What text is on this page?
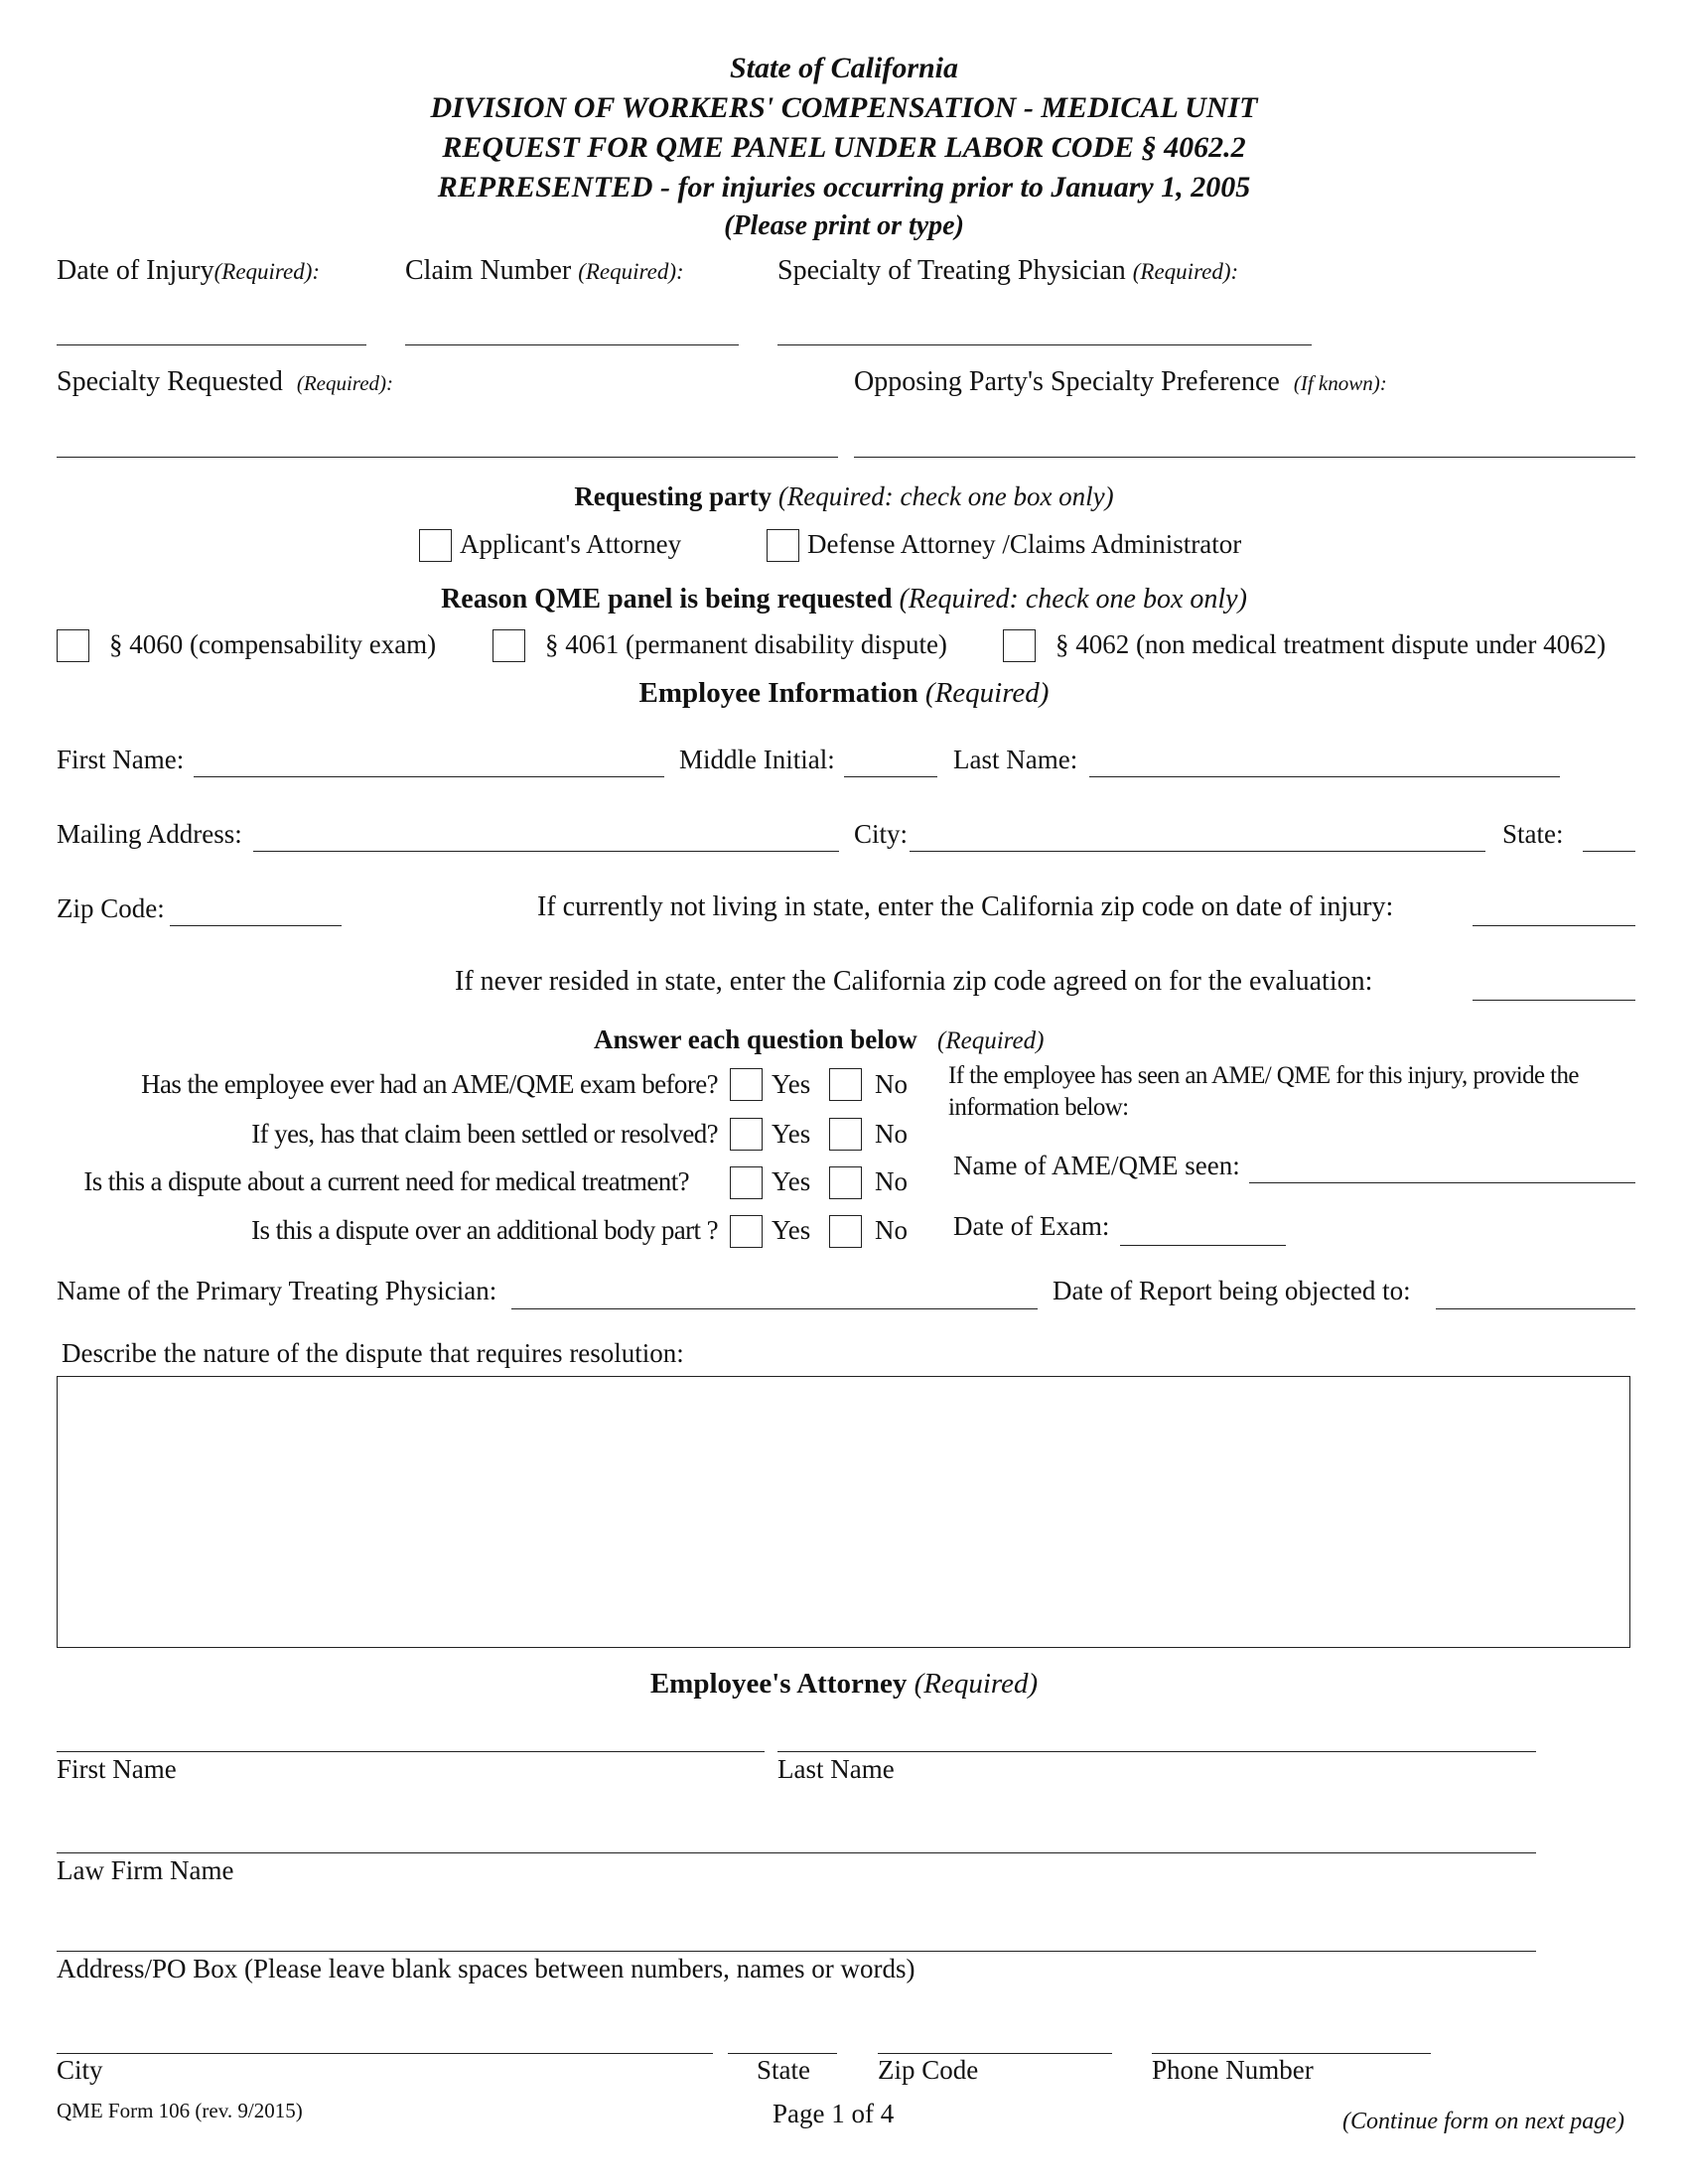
State of California
DIVISION OF WORKERS' COMPENSATION - MEDICAL UNIT
REQUEST FOR QME PANEL UNDER LABOR CODE § 4062.2
REPRESENTED - for injuries occurring prior to January 1, 2005
(Please print or type)
Date of Injury(Required):	Claim Number (Required):	Specialty of Treating Physician (Required):
Specialty Requested (Required):	Opposing Party's Specialty Preference (If known):
Requesting party (Required: check one box only)
Applicant's Attorney	Defense Attorney /Claims Administrator
Reason QME panel is being requested (Required: check one box only)
§ 4060 (compensability exam)	§ 4061 (permanent disability dispute)	§ 4062 (non medical treatment dispute under 4062)
Employee Information (Required)
First Name:	Middle Initial:	Last Name:
Mailing Address:	City:	State:
Zip Code:	If currently not living in state, enter the California zip code on date of injury:
If never resided in state, enter the California zip code agreed on for the evaluation:
Answer each question below (Required)
Has the employee ever had an AME/QME exam before? Yes No
If yes, has that claim been settled or resolved? Yes No
Is this a dispute about a current need for medical treatment?	Yes No
Is this a dispute over an additional body part ? Yes No
If the employee has seen an AME/ QME for this injury, provide the information below:
Name of AME/QME seen:
Date of Exam:
Name of the Primary Treating Physician:	Date of Report being objected to:
Describe the nature of the dispute that requires resolution:
Employee's Attorney (Required)
First Name	Last Name
Law Firm Name
Address/PO Box (Please leave blank spaces between numbers, names or words)
City	State	Zip Code	Phone Number
QME Form 106 (rev. 9/2015)	Page 1 of 4	(Continue form on next page)
